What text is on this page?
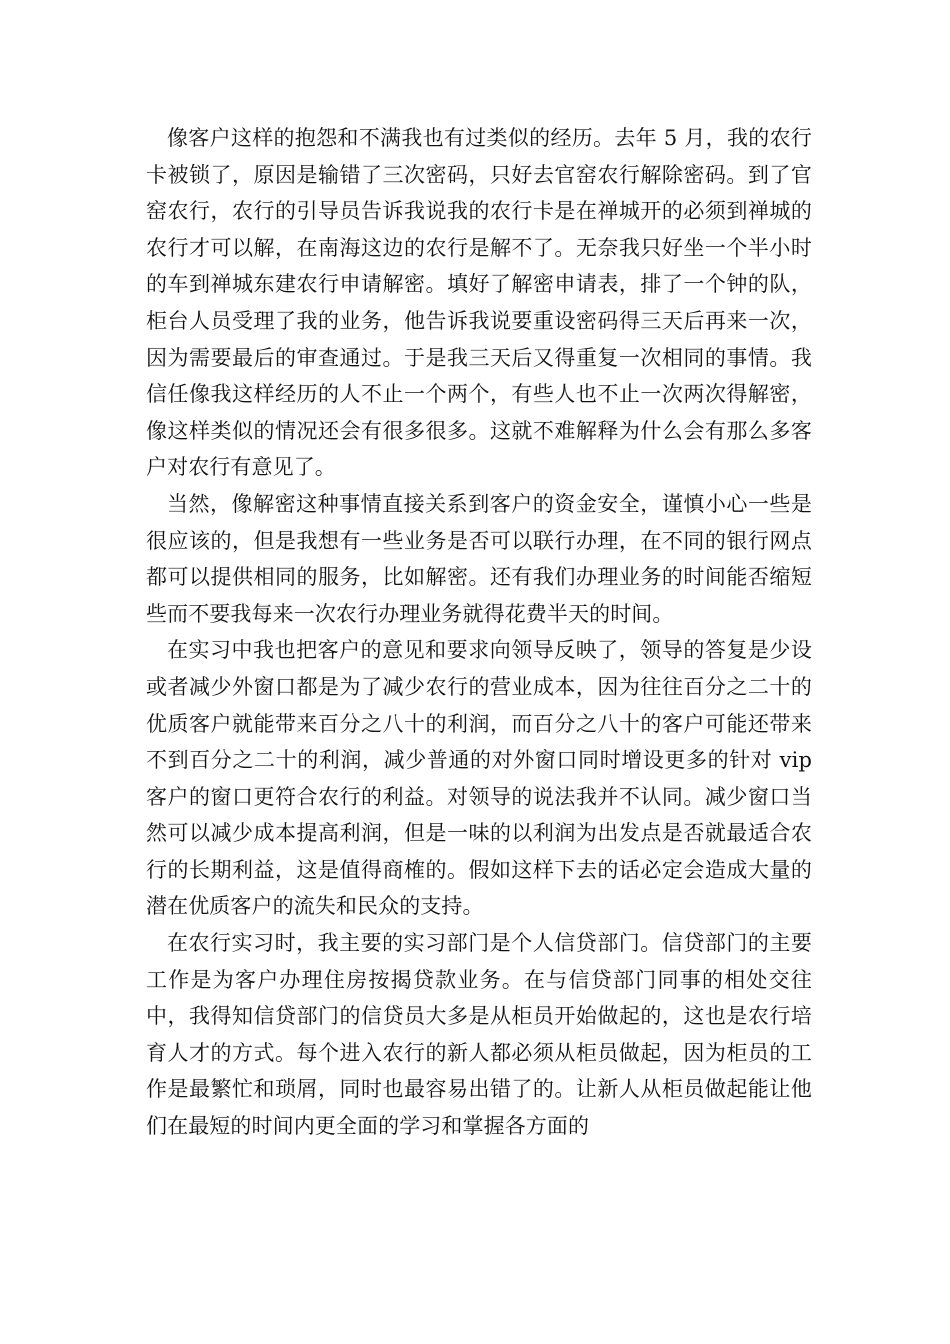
像客户这样的抱怨和不满我也有过类似的经历。去年 5 月，我的农行卡被锁了，原因是输错了三次密码，只好去官窑农行解除密码。到了官窑农行，农行的引导员告诉我说我的农行卡是在禅城开的必须到禅城的农行才可以解，在南海这边的农行是解不了。无奈我只好坐一个半小时的车到禅城东建农行申请解密。填好了解密申请表，排了一个钟的队，柜台人员受理了我的业务，他告诉我说要重设密码得三天后再来一次，因为需要最后的审查通过。于是我三天后又得重复一次相同的事情。我信任像我这样经历的人不止一个两个，有些人也不止一次两次得解密，像这样类似的情况还会有很多很多。这就不难解释为什么会有那么多客户对农行有意见了。

当然，像解密这种事情直接关系到客户的资金安全，谨慎小心一些是很应该的，但是我想有一些业务是否可以联行办理，在不同的银行网点都可以提供相同的服务，比如解密。还有我们办理业务的时间能否缩短些而不要我每来一次农行办理业务就得花费半天的时间。

在实习中我也把客户的意见和要求向领导反映了，领导的答复是少设或者减少外窗口都是为了减少农行的营业成本，因为往往百分之二十的优质客户就能带来百分之八十的利润，而百分之八十的客户可能还带来不到百分之二十的利润，减少普通的对外窗口同时增设更多的针对 vip 客户的窗口更符合农行的利益。对领导的说法我并不认同。减少窗口当然可以减少成本提高利润，但是一味的以利润为出发点是否就最适合农行的长期利益，这是值得商榷的。假如这样下去的话必定会造成大量的潜在优质客户的流失和民众的支持。

在农行实习时，我主要的实习部门是个人信贷部门。信贷部门的主要工作是为客户办理住房按揭贷款业务。在与信贷部门同事的相处交往中，我得知信贷部门的信贷员大多是从柜员开始做起的，这也是农行培育人才的方式。每个进入农行的新人都必须从柜员做起，因为柜员的工作是最繁忙和琐屑，同时也最容易出错了的。让新人从柜员做起能让他们在最短的时间内更全面的学习和掌握各方面的
